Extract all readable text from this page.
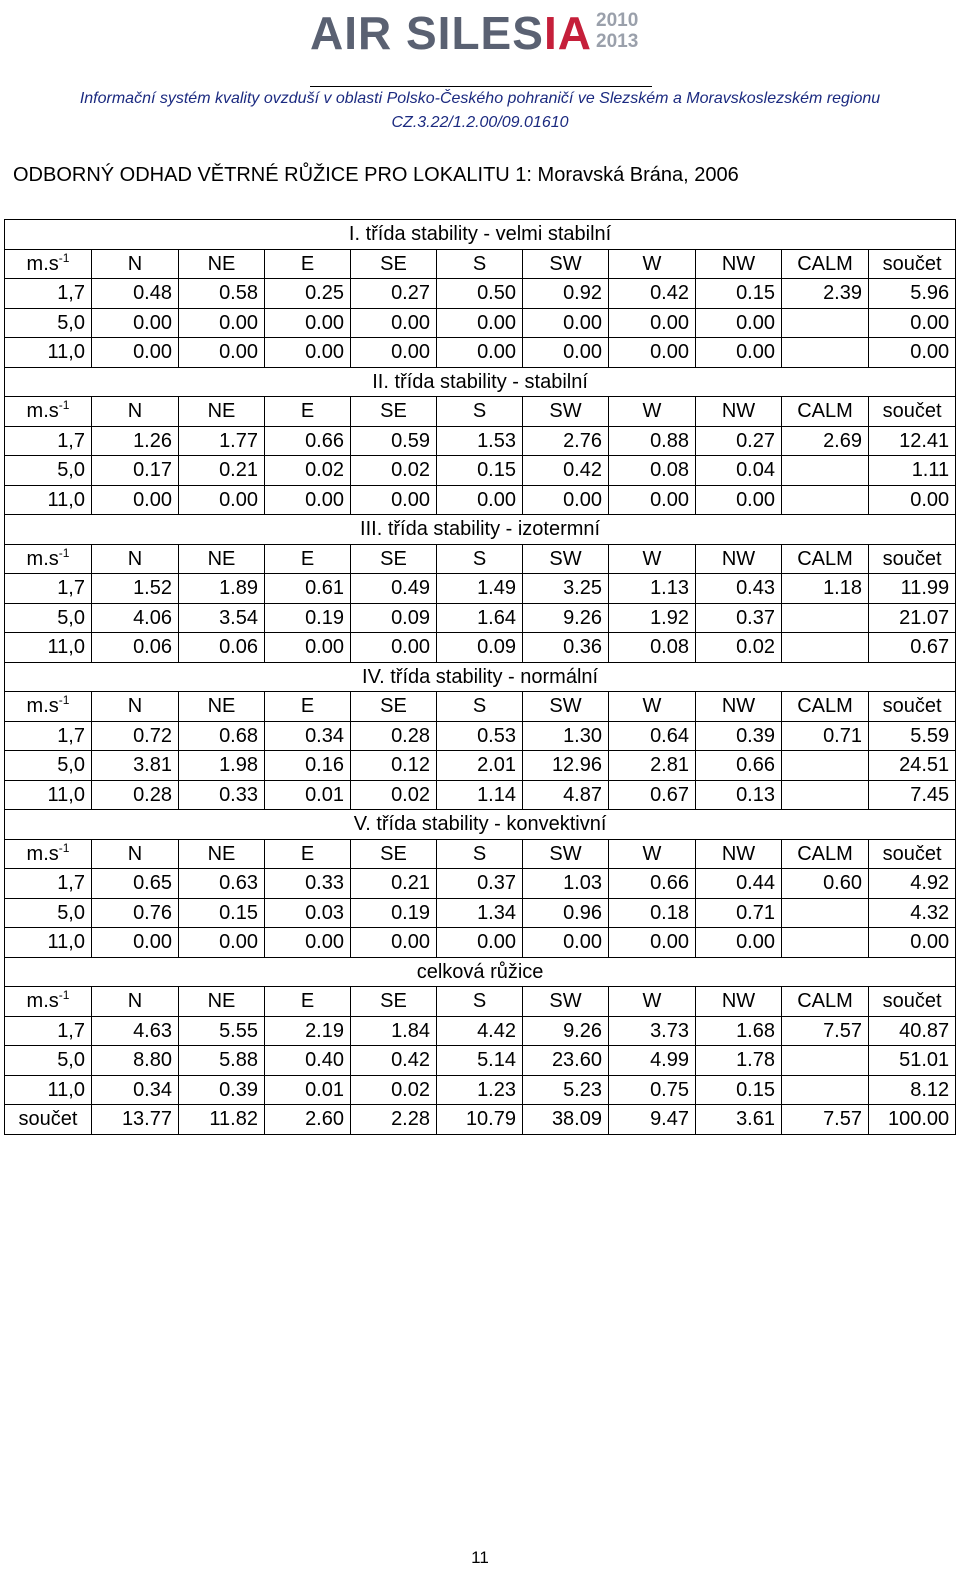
AIR SILESIA 2010
2013
Informační systém kvality ovzduší v oblasti Polsko-Českého pohraničí ve Slezském a Moravskoslezském regionu
CZ.3.22/1.2.00/09.01610
ODBORNÝ ODHAD VĚTRNÉ RŮŽICE PRO LOKALITU 1: Moravská Brána, 2006
I. třída stability - velmi stabilní										
$m.s^{-1}$	N	NE	E	SE	S	SW	W	NW	CALM	součet
1,7	0.48	0.58	0.25	0.27	0.50	0.92	0.42	0.15	2.39	5.96
5,0	0.00	0.00	0.00	0.00	0.00	0.00	0.00	0.00		0.00
11,0	0.00	0.00	0.00	0.00	0.00	0.00	0.00	0.00		0.00
II. třída stability - stabilní										
$m.s^{-1}$	N	NE	E	SE	S	SW	W	NW	CALM	součet
1,7	1.26	1.77	0.66	0.59	1.53	2.76	0.88	0.27	2.69	12.41
5,0	0.17	0.21	0.02	0.02	0.15	0.42	0.08	0.04		1.11
11,0	0.00	0.00	0.00	0.00	0.00	0.00	0.00	0.00		0.00
III. třída stability - izotermní										
$m.s^{-1}$	N	NE	E	SE	S	SW	W	NW	CALM	součet
1,7	1.52	1.89	0.61	0.49	1.49	3.25	1.13	0.43	1.18	11.99
5,0	4.06	3.54	0.19	0.09	1.64	9.26	1.92	0.37		21.07
11,0	0.06	0.06	0.00	0.00	0.09	0.36	0.08	0.02		0.67
IV. třída stability - normální										
$m.s^{-1}$	N	NE	E	SE	S	SW	W	NW	CALM	součet
1,7	0.72	0.68	0.34	0.28	0.53	1.30	0.64	0.39	0.71	5.59
5,0	3.81	1.98	0.16	0.12	2.01	12.96	2.81	0.66		24.51
11,0	0.28	0.33	0.01	0.02	1.14	4.87	0.67	0.13		7.45
V. třída stability - konvektivní										
$m.s^{-1}$	N	NE	E	SE	S	SW	W	NW	CALM	součet
1,7	0.65	0.63	0.33	0.21	0.37	1.03	0.66	0.44	0.60	4.92
5,0	0.76	0.15	0.03	0.19	1.34	0.96	0.18	0.71		4.32
11,0	0.00	0.00	0.00	0.00	0.00	0.00	0.00	0.00		0.00
celková růžice										
$m.s^{-1}$	N	NE	E	SE	S	SW	W	NW	CALM	součet
1,7	4.63	5.55	2.19	1.84	4.42	9.26	3.73	1.68	7.57	40.87
5,0	8.80	5.88	0.40	0.42	5.14	23.60	4.99	1.78		51.01
11,0	0.34	0.39	0.01	0.02	1.23	5.23	0.75	0.15		8.12
součet	13.77	11.82	2.60	2.28	10.79	38.09	9.47	3.61	7.57	100.00
11
